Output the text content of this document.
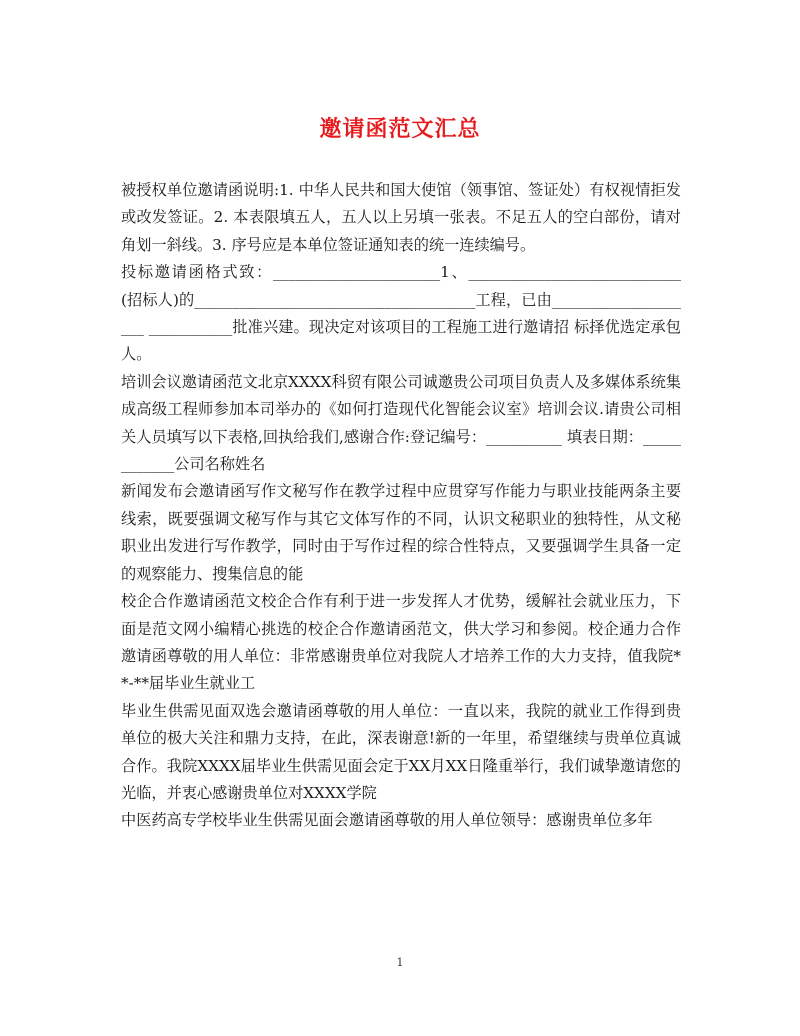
邀请函范文汇总

被授权单位邀请函说明:1. 中华人民共和国大使馆（领事馆、签证处）有权视情拒发或改发签证。2. 本表限填五人，五人以上另填一张表。不足五人的空白部份，请对角划一斜线。3. 序号应是本单位签证通知表的统一连续编号。

投标邀请函格式致：______________________1、____________________________(招标人)的_____________________________________工程，已由____________________ ___________批准兴建。现决定对该项目的工程施工进行邀请招 标择优选定承包人。

培训会议邀请函范文北京XXXX科贸有限公司诚邀贵公司项目负责人及多媒体系统集成高级工程师参加本司举办的《如何打造现代化智能会议室》培训会议.请贵公司相关人员填写以下表格,回执给我们,感谢合作:登记编号：__________ 填表日期：____________公司名称姓名

新闻发布会邀请函写作文秘写作在教学过程中应贯穿写作能力与职业技能两条主要线索，既要强调文秘写作与其它文体写作的不同，认识文秘职业的独特性，从文秘职业出发进行写作教学，同时由于写作过程的综合性特点，又要强调学生具备一定的观察能力、搜集信息的能

校企合作邀请函范文校企合作有利于进一步发挥人才优势，缓解社会就业压力，下面是范文网小编精心挑选的校企合作邀请函范文，供大学习和参阅。校企通力合作邀请函尊敬的用人单位：非常感谢贵单位对我院人才培养工作的大力支持，值我院**-**届毕业生就业工

毕业生供需见面双选会邀请函尊敬的用人单位：一直以来，我院的就业工作得到贵单位的极大关注和鼎力支持，在此，深表谢意!新的一年里，希望继续与贵单位真诚合作。我院XXXX届毕业生供需见面会定于XX月XX日隆重举行，我们诚挚邀请您的光临，并衷心感谢贵单位对XXXX学院

中医药高专学校毕业生供需见面会邀请函尊敬的用人单位领导：感谢贵单位多年

1
